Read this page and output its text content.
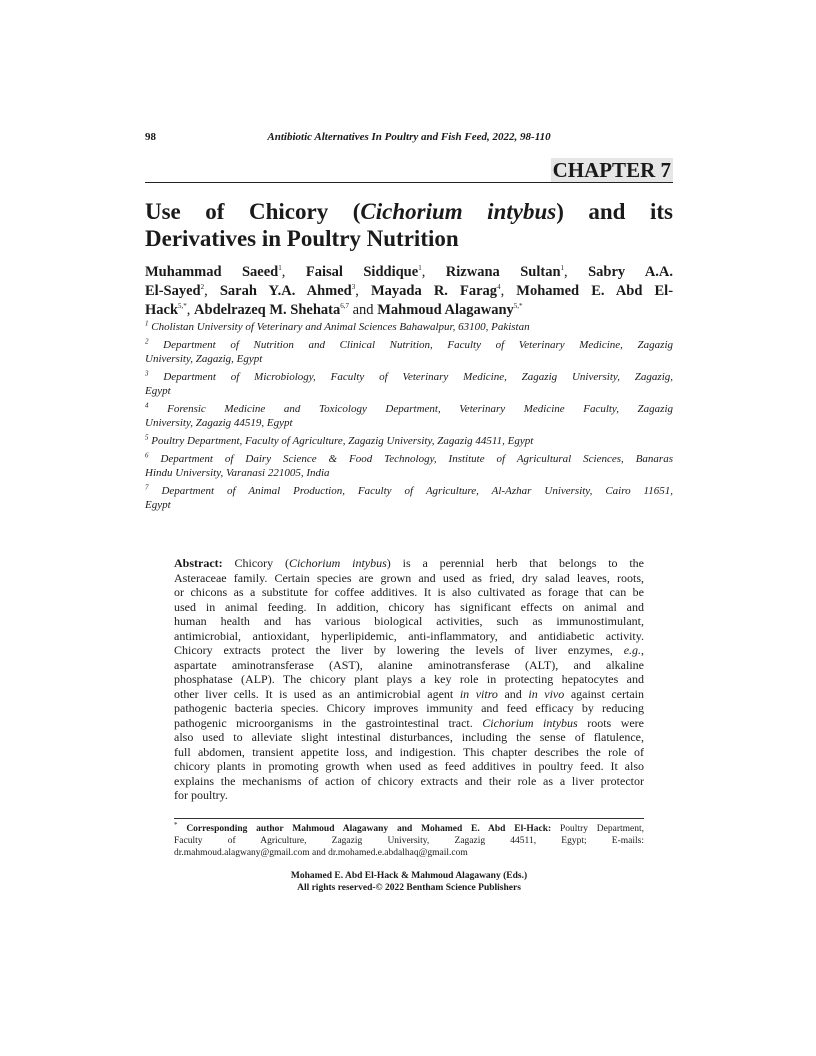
98	Antibiotic Alternatives In Poultry and Fish Feed, 2022, 98-110
CHAPTER 7
Use of Chicory (Cichorium intybus) and its
Derivatives in Poultry Nutrition
Muhammad Saeed$^1$, Faisal Siddique$^1$, Rizwana Sultan$^1$, Sabry A.A.
El-Sayed$^2$, Sarah Y.A. Ahmed$^3$, Mayada R. Farag$^4$, Mohamed E. Abd El-
Hack$^{5,*}$, Abdelrazeq M. Shehata$^{6,7}$ and Mahmoud Alagawany$^{5,*}$
$^1$ Cholistan University of Veterinary and Animal Sciences Bahawalpur, 63100, Pakistan
$^2$ Department of Nutrition and Clinical Nutrition, Faculty of Veterinary Medicine, Zagazig
University, Zagazig, Egypt
$^3$ Department of Microbiology, Faculty of Veterinary Medicine, Zagazig University, Zagazig,
Egypt
$^4$ Forensic Medicine and Toxicology Department, Veterinary Medicine Faculty, Zagazig
University, Zagazig 44519, Egypt
$^5$ Poultry Department, Faculty of Agriculture, Zagazig University, Zagazig 44511, Egypt
$^6$ Department of Dairy Science & Food Technology, Institute of Agricultural Sciences, Banaras
Hindu University, Varanasi 221005, India
$^7$ Department of Animal Production, Faculty of Agriculture, Al-Azhar University, Cairo 11651,
Egypt
Abstract: Chicory (Cichorium intybus) is a perennial herb that belongs to the
Asteraceae family. Certain species are grown and used as fried, dry salad leaves, roots,
or chicons as a substitute for coffee additives. It is also cultivated as forage that can be
used in animal feeding. In addition, chicory has significant effects on animal and
human health and has various biological activities, such as immunostimulant,
antimicrobial, antioxidant, hyperlipidemic, anti-inflammatory, and antidiabetic activity.
Chicory extracts protect the liver by lowering the levels of liver enzymes, e.g.,
aspartate aminotransferase (AST), alanine aminotransferase (ALT), and alkaline
phosphatase (ALP). The chicory plant plays a key role in protecting hepatocytes and
other liver cells. It is used as an antimicrobial agent in vitro and in vivo against certain
pathogenic bacteria species. Chicory improves immunity and feed efficacy by reducing
pathogenic microorganisms in the gastrointestinal tract. Cichorium intybus roots were
also used to alleviate slight intestinal disturbances, including the sense of flatulence,
full abdomen, transient appetite loss, and indigestion. This chapter describes the role of
chicory plants in promoting growth when used as feed additives in poultry feed. It also
explains the mechanisms of action of chicory extracts and their role as a liver protector
for poultry.
* Corresponding author Mahmoud Alagawany and Mohamed E. Abd El-Hack: Poultry Department,
Faculty of Agriculture, Zagazig University, Zagazig 44511, Egypt; E-mails:
dr.mahmoud.alagwany@gmail.com and dr.mohamed.e.abdalhaq@gmail.com
Mohamed E. Abd El-Hack & Mahmoud Alagawany (Eds.)
All rights reserved-© 2022 Bentham Science Publishers
